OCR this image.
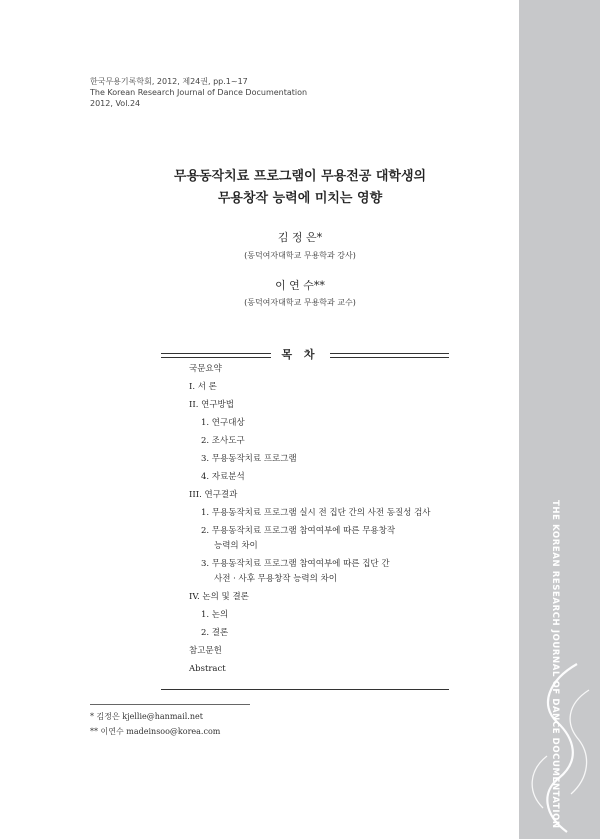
한국무용기록학회, 2012, 제24권, pp.1~17
The Korean Research Journal of Dance Documentation
2012, Vol.24
무용동작치료 프로그램이 무용전공 대학생의
무용창작 능력에 미치는 영향
김 정 은*
(동덕여자대학교 무용학과 강사)
이 연 수**
(동덕여자대학교 무용학과 교수)
목 차
국문요약
I. 서 론
II. 연구방법
1. 연구대상
2. 조사도구
3. 무용동작치료 프로그램
4. 자료분석
III. 연구결과
1. 무용동작치료 프로그램 실시 전 집단 간의 사전 동질성 검사
2. 무용동작치료 프로그램 참여여부에 따른 무용창작
능력의 차이
3. 무용동작치료 프로그램 참여여부에 따른 집단 간
사전 · 사후 무용창작 능력의 차이
IV. 논의 및 결론
1. 논의
2. 결론
참고문헌
Abstract
* 김정은 kjellie@hanmail.net
** 이연수 madeinsoo@korea.com	THE KOREAN RESEARCH JOURNAL OF DANCE DOCUMENTATION
